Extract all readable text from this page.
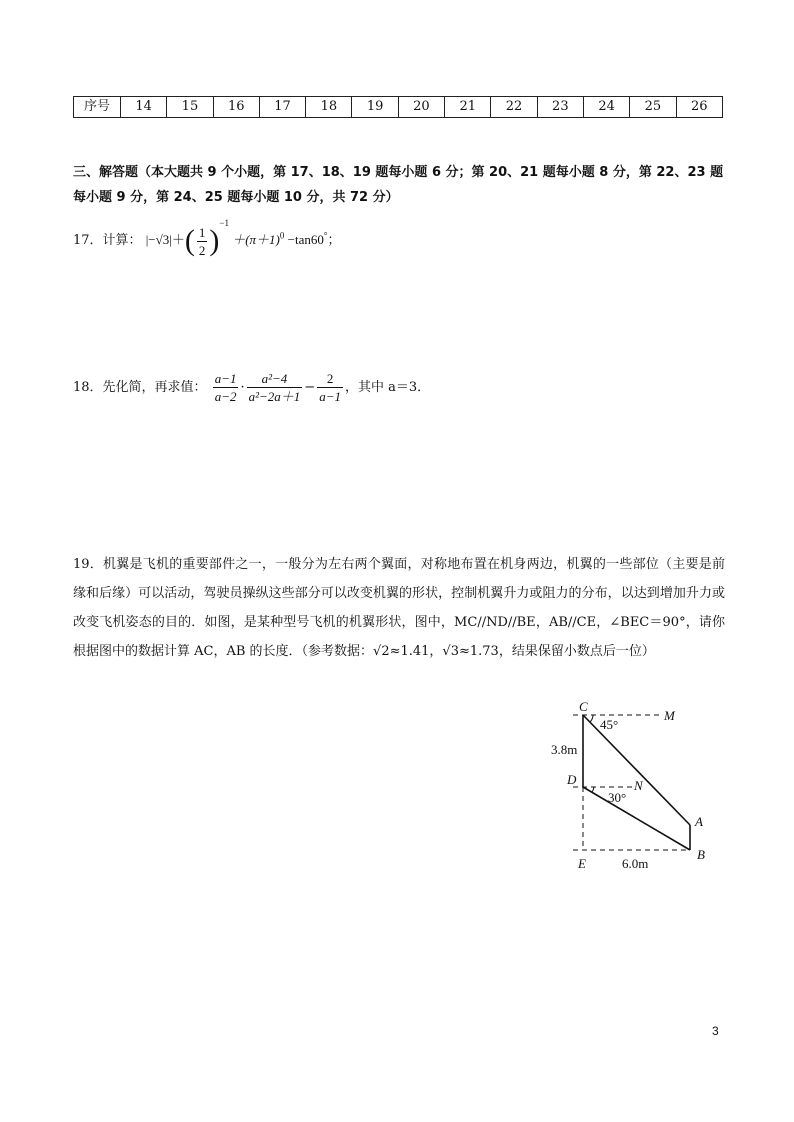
序号	14	15	16	17	18	19	20	21	22	23	24	25	26
三、解答题（本大题共 9 个小题，第 17、18、19 题每小题 6 分；第 20、21 题每小题 8 分，第 22、23 题每小题 9 分，第 24、25 题每小题 10 分，共 72 分）
17．计算： $|-√3|+( \frac{1}{2} )^{-1} +(\pi+1)^0 -\tan 60^\circ$；
18．先化简，再求值： $\frac{a-1}{a-2} \cdot \frac{\text{a²−4}}{\text{a²−2a＋1}} - \frac{2}{a-1}$ ，其中 a＝3．
19．机翼是飞机的重要部件之一，一般分为左右两个翼面，对称地布置在机身两边，机翼的一些部位（主要是前缘和后缘）可以活动，驾驶员操纵这些部分可以改变机翼的形状，控制机翼升力或阻力的分布，以达到增加升力或改变飞机姿态的目的．如图，是某种型号飞机的机翼形状，图中，MC//ND//BE，AB//CE，∠BEC＝90°，请你根据图中的数据计算 AC，AB 的长度．（参考数据：√2≈1.41，√3≈1.73，结果保留小数点后一位）
C
M
D	N
A
B
E
45°
30°
3.8m
6.0m
3
